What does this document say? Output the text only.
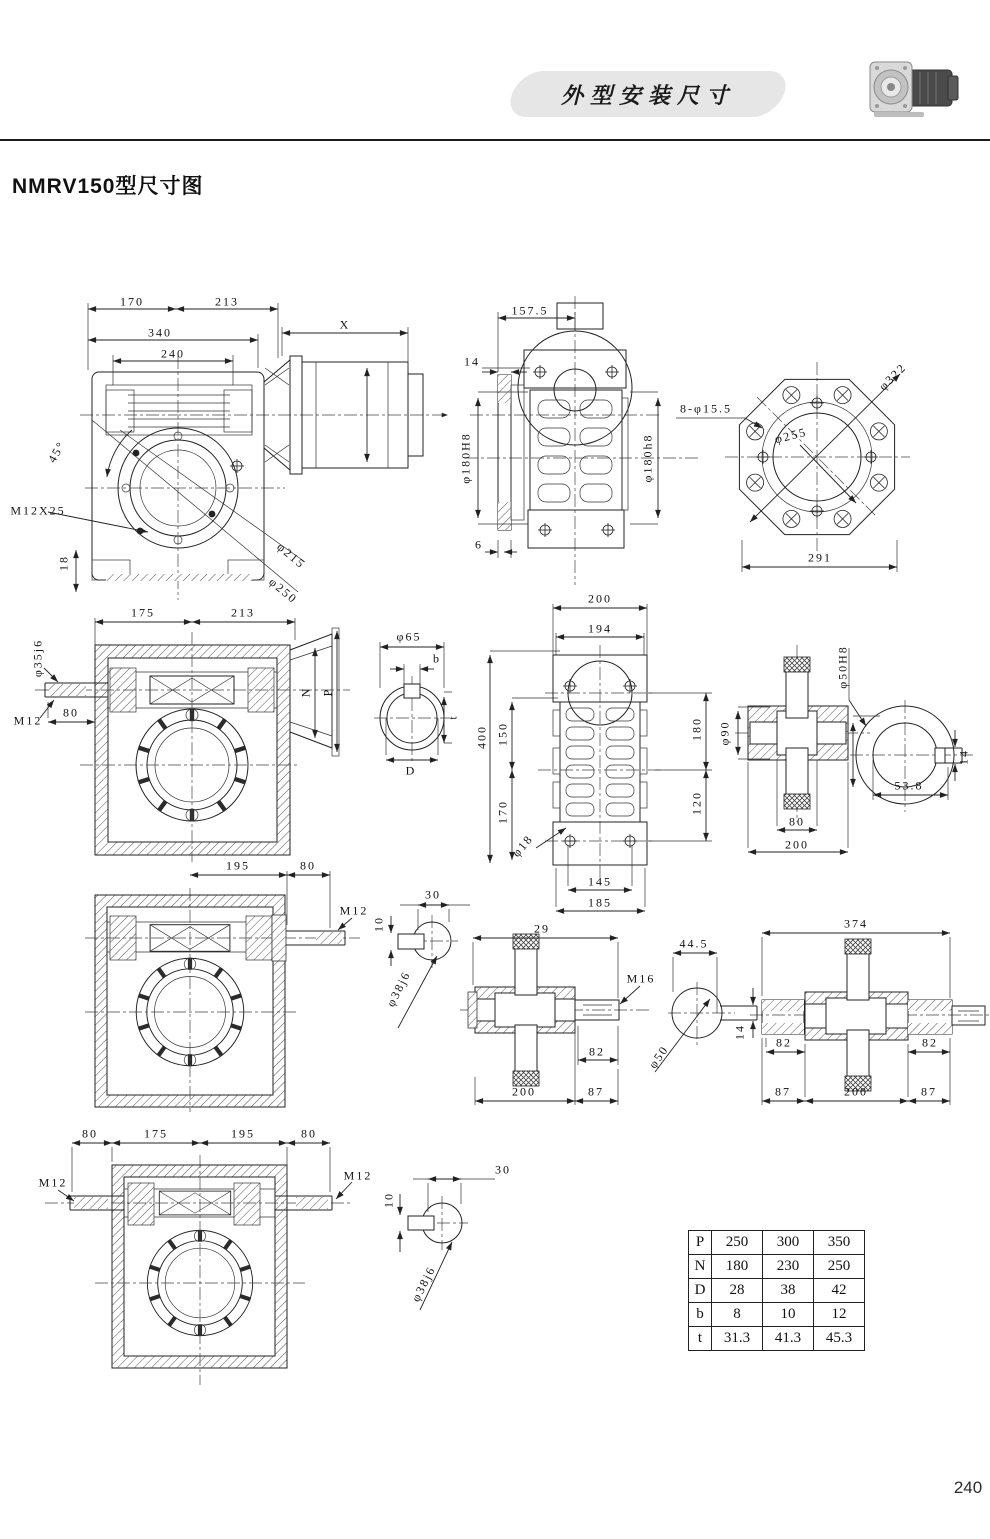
外型安装尺寸
NMRV150型尺寸图
170	213
340
240
X
45°
M12X25
18	φ215
φ250
157.5
14
φ180H8	φ180h8
6
φ322
8-φ15.5
φ255
291
175	213
φ35j6
M12
80
N P
φ65
b
t
D
200
194
400 150
170
180
120
φ18
145
185
φ90
80
200
φ50H8
53.8
14
195	80
M12
30
10
φ38j6
29
M16
82
200	87
44.5
14
φ50
374
82	82
87	200	87
80	175	195	80
M12	M12	30
10
φ38j6
P	250	300	350
N	180	230	250
D	28	38	42
b	8	10	12
t	31.3	41.3	45.3
240
